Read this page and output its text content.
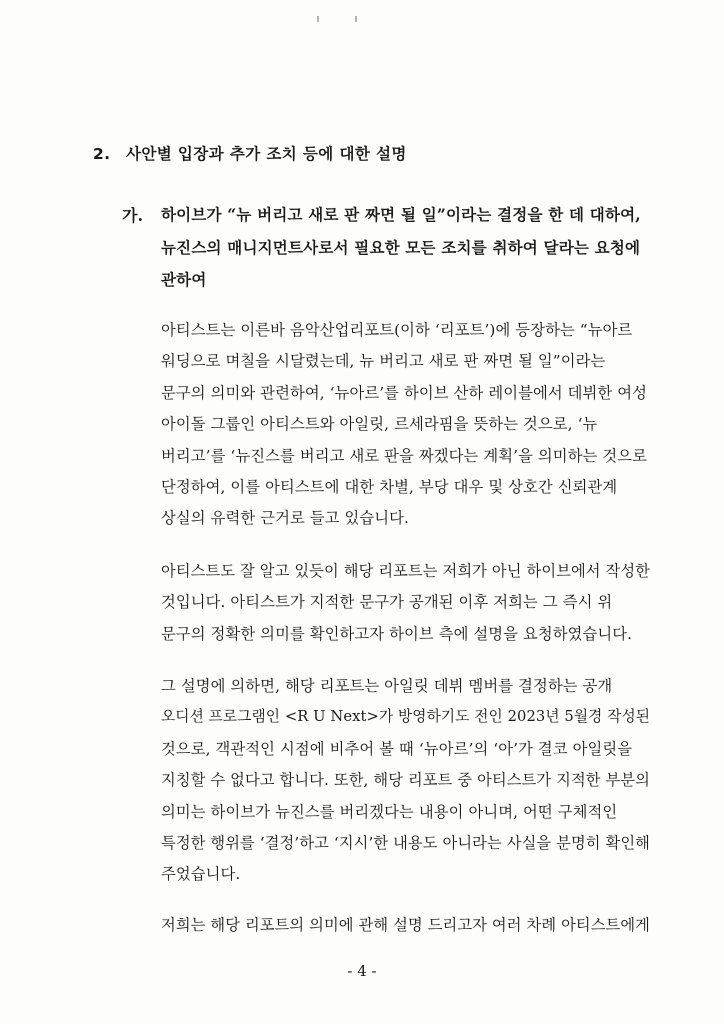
2. 사안별 입장과 추가 조치 등에 대한 설명
가. 하이브가 “뉴 버리고 새로 판 짜면 될 일”이라는 결정을 한 데 대하여,
뉴진스의 매니지먼트사로서 필요한 모든 조치를 취하여 달라는 요청에
관하여
아티스트는 이른바 음악산업리포트(이하 ‘리포트’)에 등장하는 “뉴아르
워딩으로 며칠을 시달렸는데, 뉴 버리고 새로 판 짜면 될 일”이라는
문구의 의미와 관련하여, ‘뉴아르’를 하이브 산하 레이블에서 데뷔한 여성
아이돌 그룹인 아티스트와 아일릿, 르세라핌을 뜻하는 것으로, ‘뉴
버리고’를 ‘뉴진스를 버리고 새로 판을 짜겠다는 계획’을 의미하는 것으로
단정하여, 이를 아티스트에 대한 차별, 부당 대우 및 상호간 신뢰관계
상실의 유력한 근거로 들고 있습니다.
아티스트도 잘 알고 있듯이 해당 리포트는 저희가 아닌 하이브에서 작성한
것입니다. 아티스트가 지적한 문구가 공개된 이후 저희는 그 즉시 위
문구의 정확한 의미를 확인하고자 하이브 측에 설명을 요청하였습니다.
그 설명에 의하면, 해당 리포트는 아일릿 데뷔 멤버를 결정하는 공개
오디션 프로그램인 <R U Next>가 방영하기도 전인 2023년 5월경 작성된
것으로, 객관적인 시점에 비추어 볼 때 ‘뉴아르’의 ‘아’가 결코 아일릿을
지칭할 수 없다고 합니다. 또한, 해당 리포트 중 아티스트가 지적한 부분의
의미는 하이브가 뉴진스를 버리겠다는 내용이 아니며, 어떤 구체적인
특정한 행위를 ‘결정’하고 ‘지시’한 내용도 아니라는 사실을 분명히 확인해
주었습니다.
저희는 해당 리포트의 의미에 관해 설명 드리고자 여러 차례 아티스트에게
- 4 -
